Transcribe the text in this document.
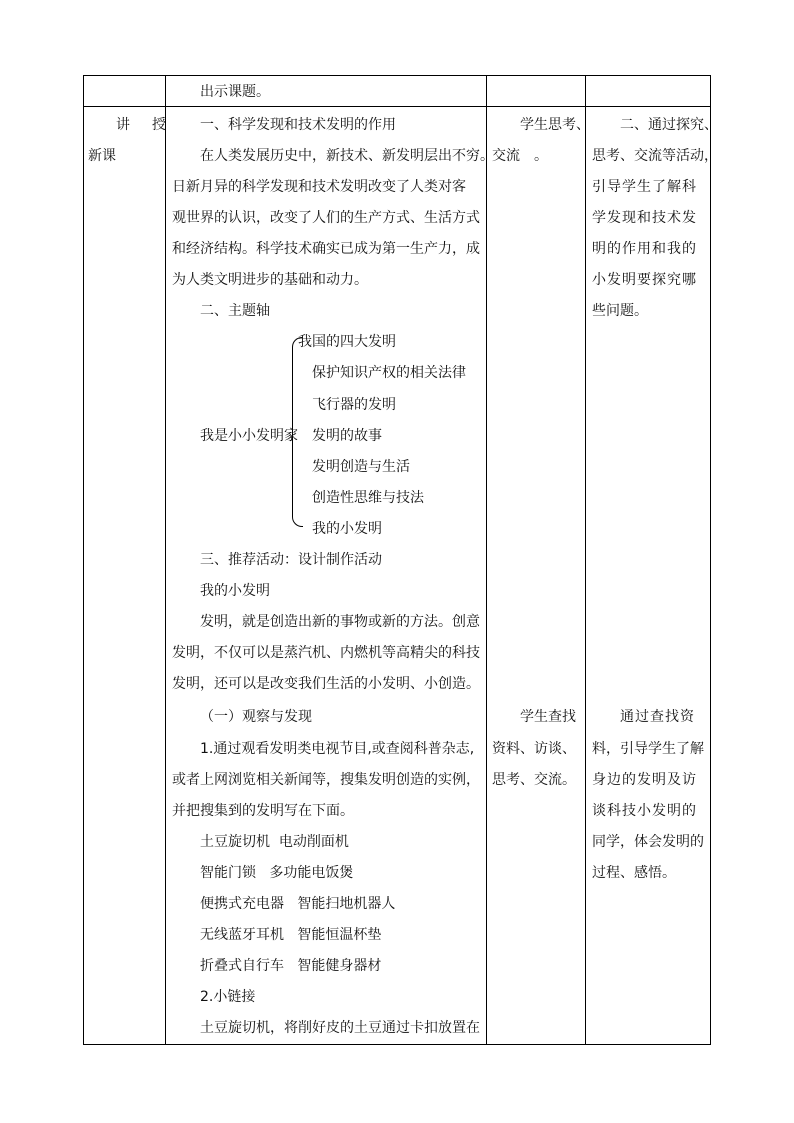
出示课题。
讲　授
新课
一、科学发现和技术发明的作用
在人类发展历史中，新技术、新发明层出不穷。
日新月异的科学发现和技术发明改变了人类对客
观世界的认识，改变了人们的生产方式、生活方式
和经济结构。科学技术确实已成为第一生产力，成
为人类文明进步的基础和动力。
二、主题轴
我是小小发明家
我国的四大发明
保护知识产权的相关法律
飞行器的发明
发明的故事
发明创造与生活
创造性思维与技法
我的小发明
三、推荐活动：设计制作活动
我的小发明
发明，就是创造出新的事物或新的方法。创意
发明，不仅可以是蒸汽机、内燃机等高精尖的科技
发明，还可以是改变我们生活的小发明、小创造。
（一）观察与发现
1.通过观看发明类电视节目,或查阅科普杂志,
或者上网浏览相关新闻等，搜集发明创造的实例，
并把搜集到的发明写在下面。
土豆旋切机  电动削面机
智能门锁   多功能电饭煲
便携式充电器   智能扫地机器人
无线蓝牙耳机   智能恒温杯垫
折叠式自行车   智能健身器材
2.小链接
土豆旋切机，将削好皮的土豆通过卡扣放置在
学生思考、
交流　。
学生查找
资料、访谈、
思考、交流。
二、通过探究、
思考、交流等活动，
引导学生了解科
学发现和技术发
明的作用和我的
小发明要探究哪
些问题。
通过查找资
料，引导学生了解
身边的发明及访
谈科技小发明的
同学，体会发明的
过程、感悟。
